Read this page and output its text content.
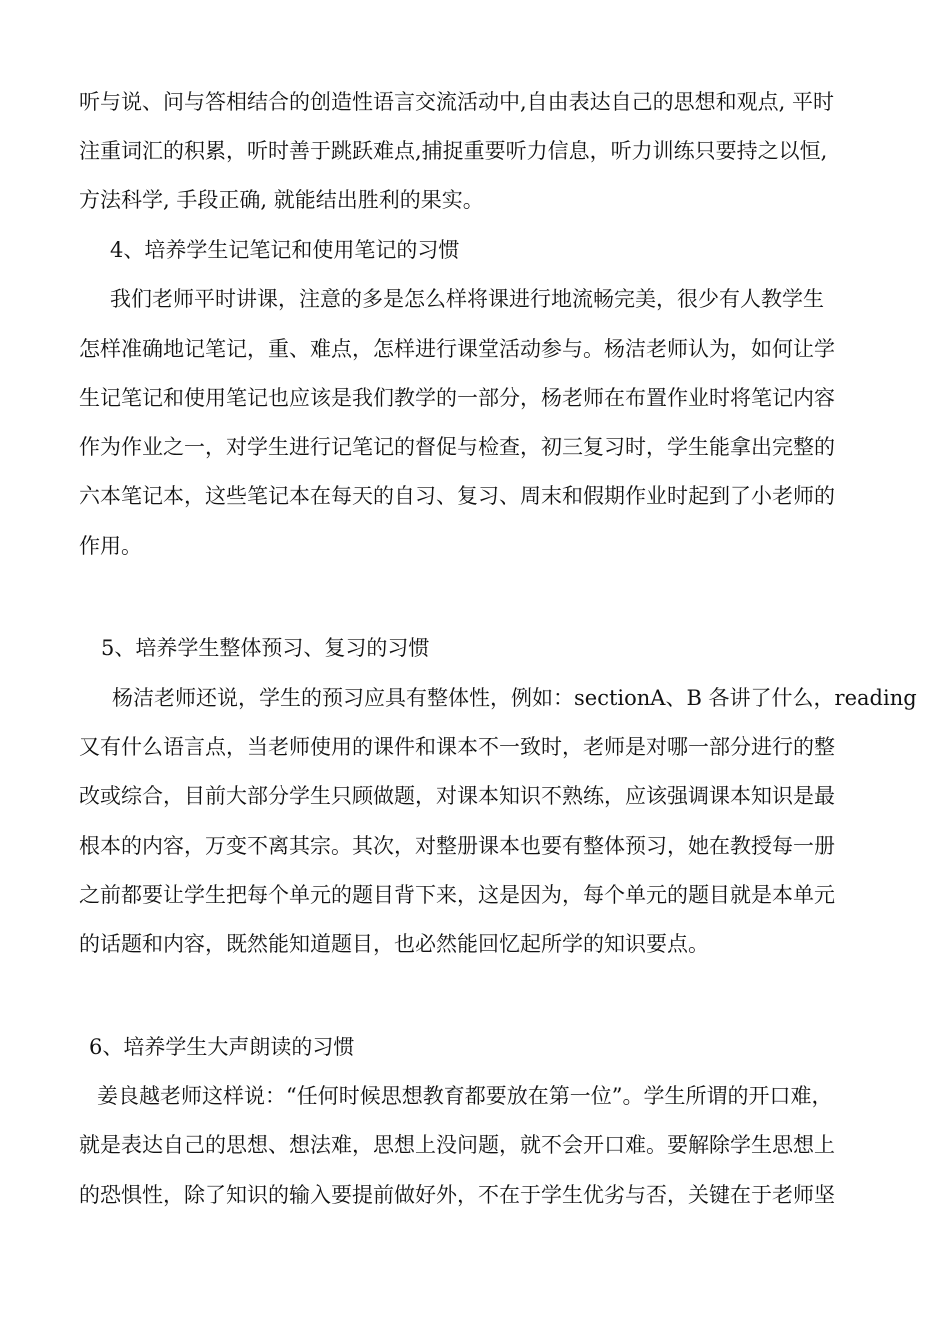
听与说、问与答相结合的创造性语言交流活动中,自由表达自己的思想和观点, 平时
注重词汇的积累，听时善于跳跃难点,捕捉重要听力信息，听力训练只要持之以恒,
方法科学, 手段正确, 就能结出胜利的果实。
4、培养学生记笔记和使用笔记的习惯
我们老师平时讲课，注意的多是怎么样将课进行地流畅完美，很少有人教学生
怎样准确地记笔记，重、难点，怎样进行课堂活动参与。杨洁老师认为，如何让学
生记笔记和使用笔记也应该是我们教学的一部分，杨老师在布置作业时将笔记内容
作为作业之一，对学生进行记笔记的督促与检查，初三复习时，学生能拿出完整的
六本笔记本，这些笔记本在每天的自习、复习、周末和假期作业时起到了小老师的
作用。
5、培养学生整体预习、复习的习惯
杨洁老师还说，学生的预习应具有整体性，例如：sectionA、B 各讲了什么，reading
又有什么语言点，当老师使用的课件和课本不一致时，老师是对哪一部分进行的整
改或综合，目前大部分学生只顾做题，对课本知识不熟练，应该强调课本知识是最
根本的内容，万变不离其宗。其次，对整册课本也要有整体预习，她在教授每一册
之前都要让学生把每个单元的题目背下来，这是因为，每个单元的题目就是本单元
的话题和内容，既然能知道题目，也必然能回忆起所学的知识要点。
6、培养学生大声朗读的习惯
姜良越老师这样说：“任何时候思想教育都要放在第一位”。学生所谓的开口难，
就是表达自己的思想、想法难，思想上没问题，就不会开口难。要解除学生思想上
的恐惧性，除了知识的输入要提前做好外，不在于学生优劣与否，关键在于老师坚
